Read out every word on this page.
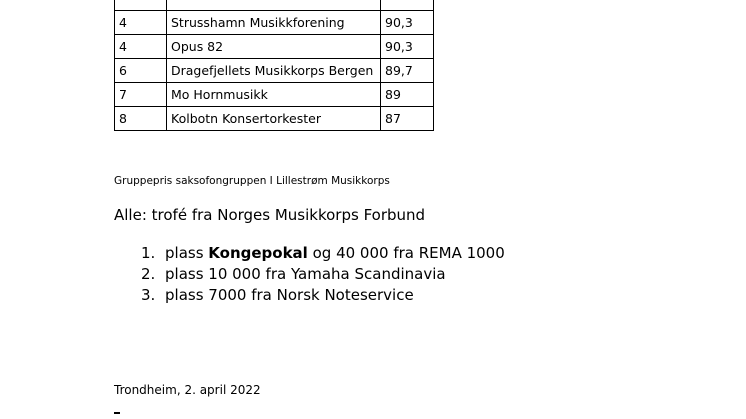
4	Strusshamn Musikkforening	90,3
4	Opus 82	90,3
6	Dragefjellets Musikkorps Bergen	89,7
7	Mo Hornmusikk	89
8	Kolbotn Konsertorkester	87
Gruppepris saksofongruppen I Lillestrøm Musikkorps
Alle: trofé fra Norges Musikkorps Forbund
1. plass Kongepokal og 40 000 fra REMA 1000
2. plass 10 000 fra Yamaha Scandinavia
3. plass 7000 fra Norsk Noteservice
Trondheim, 2. april 2022
